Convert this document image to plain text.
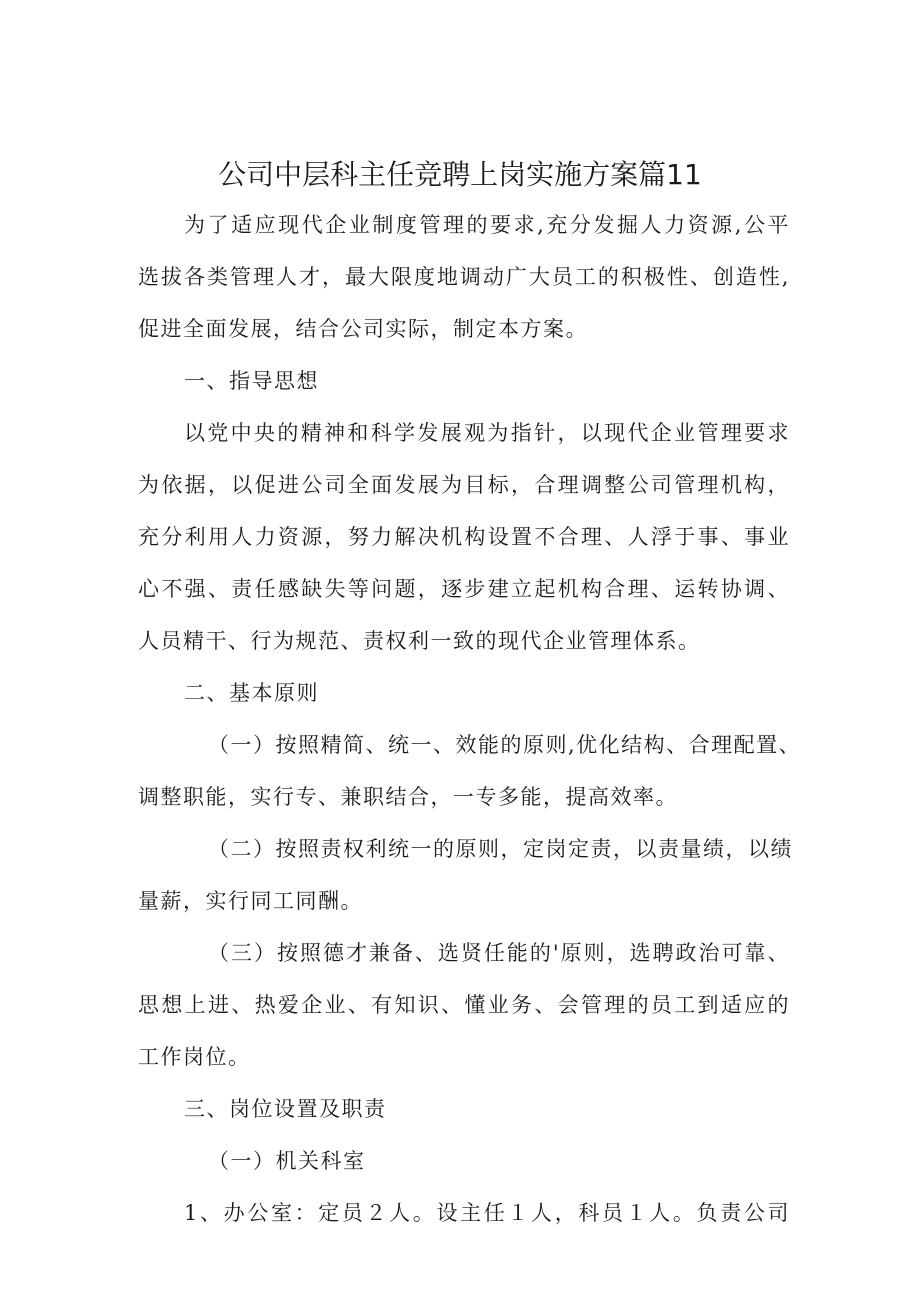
公司中层科主任竞聘上岗实施方案篇11
为了适应现代企业制度管理的要求,充分发掘人力资源,公平
选拔各类管理人才，最大限度地调动广大员工的积极性、创造性,
促进全面发展，结合公司实际，制定本方案。
一、指导思想
以党中央的精神和科学发展观为指针，以现代企业管理要求
为依据，以促进公司全面发展为目标，合理调整公司管理机构，
充分利用人力资源，努力解决机构设置不合理、人浮于事、事业
心不强、责任感缺失等问题，逐步建立起机构合理、运转协调、
人员精干、行为规范、责权利一致的现代企业管理体系。
二、基本原则
（一）按照精简、统一、效能的原则,优化结构、合理配置、
调整职能，实行专、兼职结合，一专多能，提高效率。
（二）按照责权利统一的原则，定岗定责，以责量绩，以绩
量薪，实行同工同酬。
（三）按照德才兼备、选贤任能的'原则，选聘政治可靠、
思想上进、热爱企业、有知识、懂业务、会管理的员工到适应的
工作岗位。
三、岗位设置及职责
（一）机关科室
1、办公室：定员２人。设主任１人，科员１人。负责公司
